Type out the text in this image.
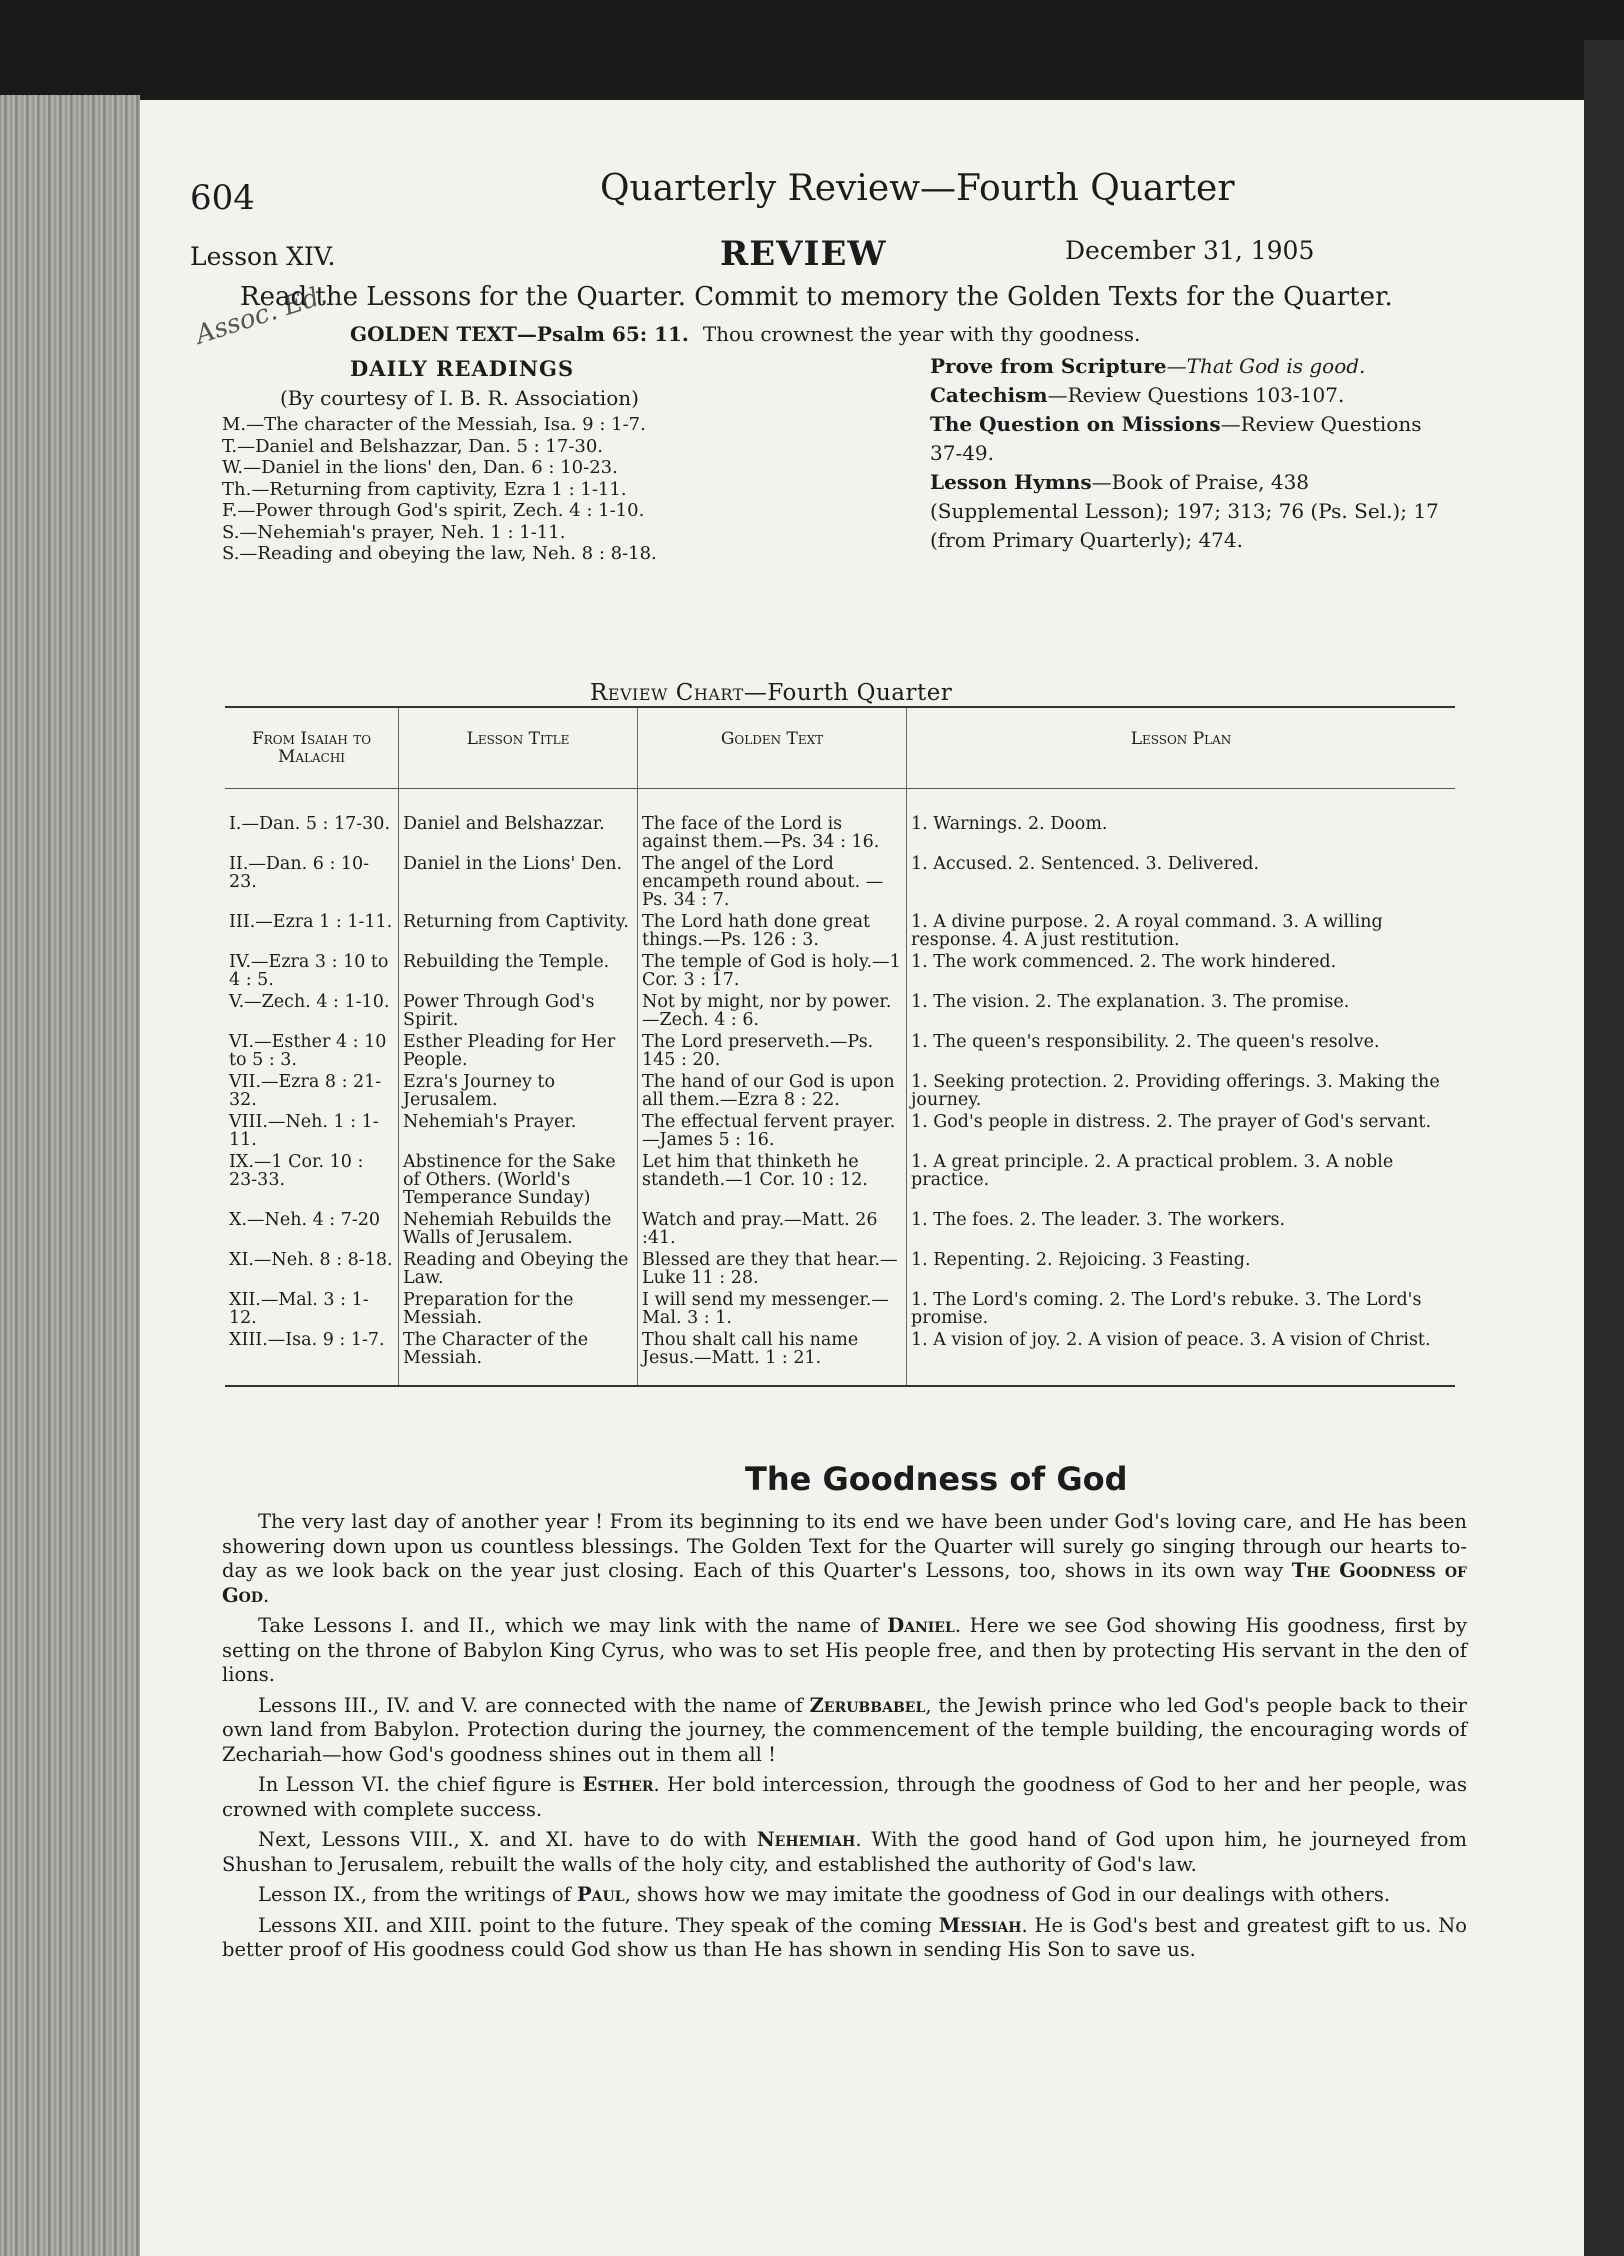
604	Quarterly Review—Fourth Quarter
Lesson XIV.	REVIEW	December 31, 1905
Assoc. Ed.
Read the Lessons for the Quarter. Commit to memory the Golden Texts for the Quarter.
GOLDEN TEXT—Psalm 65: 11. Thou crownest the year with thy goodness.
DAILY READINGS
(By courtesy of I. B. R. Association)
M.—The character of the Messiah, Isa. 9 : 1-7.
T.—Daniel and Belshazzar, Dan. 5 : 17-30.
W.—Daniel in the lions' den, Dan. 6 : 10-23.
Th.—Returning from captivity, Ezra 1 : 1-11.
F.—Power through God's spirit, Zech. 4 : 1-10.
S.—Nehemiah's prayer, Neh. 1 : 1-11.
S.—Reading and obeying the law, Neh. 8 : 8-18.
Prove from Scripture—That God is good.
Catechism—Review Questions 103-107.
The Question on Missions—Review Questions 37-49.
Lesson Hymns—Book of Praise, 438 (Supplemental Lesson); 197; 313; 76 (Ps. Sel.); 17 (from Primary Quarterly); 474.
Review Chart—Fourth Quarter
From Isaiah to Malachi	Lesson Title	Golden Text	Lesson Plan
I.—Dan. 5 : 17-30.	Daniel and Belshazzar.	The face of the Lord is against them.—Ps. 34 : 16.	1. Warnings. 2. Doom.
II.—Dan. 6 : 10-23.	Daniel in the Lions' Den.	The angel of the Lord encampeth round about. —Ps. 34 : 7.	1. Accused. 2. Sentenced. 3. Delivered.
III.—Ezra 1 : 1-11.	Returning from Captivity.	The Lord hath done great things.—Ps. 126 : 3.	1. A divine purpose. 2. A royal command. 3. A willing response. 4. A just restitution.
IV.—Ezra 3 : 10 to 4 : 5.	Rebuilding the Temple.	The temple of God is holy.—1 Cor. 3 : 17.	1. The work commenced. 2. The work hindered.
V.—Zech. 4 : 1-10.	Power Through God's Spirit.	Not by might, nor by power.—Zech. 4 : 6.	1. The vision. 2. The explanation. 3. The promise.
VI.—Esther 4 : 10 to 5 : 3.	Esther Pleading for Her People.	The Lord preserveth.—Ps. 145 : 20.	1. The queen's responsibility. 2. The queen's resolve.
VII.—Ezra 8 : 21-32.	Ezra's Journey to Jerusalem.	The hand of our God is upon all them.—Ezra 8 : 22.	1. Seeking protection. 2. Providing offerings. 3. Making the journey.
VIII.—Neh. 1 : 1-11.	Nehemiah's Prayer.	The effectual fervent prayer.—James 5 : 16.	1. God's people in distress. 2. The prayer of God's servant.
IX.—1 Cor. 10 : 23-33.	Abstinence for the Sake of Others. (World's Temperance Sunday)	Let him that thinketh he standeth.—1 Cor. 10 : 12.	1. A great principle. 2. A practical problem. 3. A noble practice.
X.—Neh. 4 : 7-20	Nehemiah Rebuilds the Walls of Jerusalem.	Watch and pray.—Matt. 26 :41.	1. The foes. 2. The leader. 3. The workers.
XI.—Neh. 8 : 8-18.	Reading and Obeying the Law.	Blessed are they that hear.—Luke 11 : 28.	1. Repenting. 2. Rejoicing. 3 Feasting.
XII.—Mal. 3 : 1-12.	Preparation for the Messiah.	I will send my messenger.—Mal. 3 : 1.	1. The Lord's coming. 2. The Lord's rebuke. 3. The Lord's promise.
XIII.—Isa. 9 : 1-7.	The Character of the Messiah.	Thou shalt call his name Jesus.—Matt. 1 : 21.	1. A vision of joy. 2. A vision of peace. 3. A vision of Christ.
The Goodness of God

The very last day of another year ! From its beginning to its end we have been under God's loving care, and He has been showering down upon us countless blessings. The Golden Text for the Quarter will surely go singing through our hearts to-day as we look back on the year just closing. Each of this Quarter's Lessons, too, shows in its own way The Goodness of God.

Take Lessons I. and II., which we may link with the name of Daniel. Here we see God showing His goodness, first by setting on the throne of Babylon King Cyrus, who was to set His people free, and then by protecting His servant in the den of lions.

Lessons III., IV. and V. are connected with the name of Zerubbabel, the Jewish prince who led God's people back to their own land from Babylon. Protection during the journey, the commencement of the temple building, the encouraging words of Zechariah—how God's goodness shines out in them all !

In Lesson VI. the chief figure is Esther. Her bold intercession, through the goodness of God to her and her people, was crowned with complete success.

Next, Lessons VIII., X. and XI. have to do with Nehemiah. With the good hand of God upon him, he journeyed from Shushan to Jerusalem, rebuilt the walls of the holy city, and established the authority of God's law.

Lesson IX., from the writings of Paul, shows how we may imitate the goodness of God in our dealings with others.

Lessons XII. and XIII. point to the future. They speak of the coming Messiah. He is God's best and greatest gift to us. No better proof of His goodness could God show us than He has shown in sending His Son to save us.
